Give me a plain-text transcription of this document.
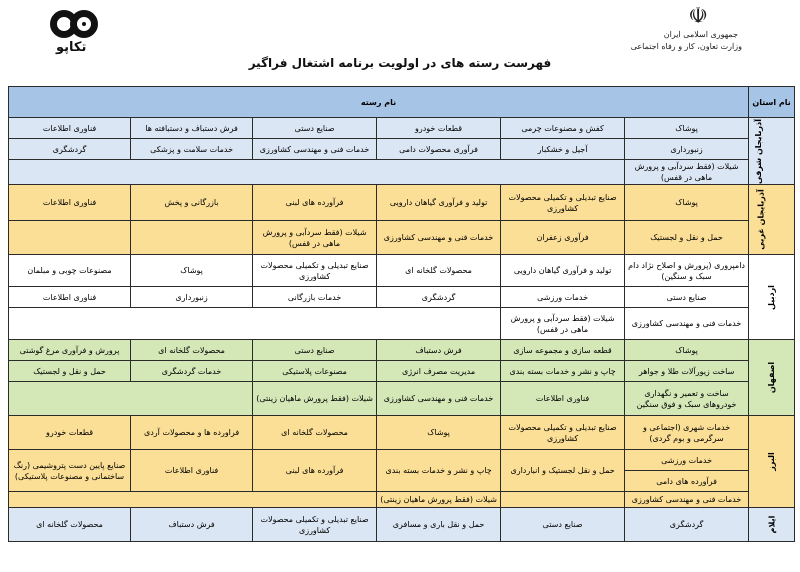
تکاپو
☫
جمهوری اسلامی ایران
وزارت تعاون، کار و رفاه اجتماعی
فهرست رسته های در اولویت برنامه اشتغال فراگیر
نام استان	نام رسته					
آذربایجان شرقی	پوشاک	کفش و مصنوعات چرمی	قطعات خودرو	صنایع دستی	فرش دستباف و دستبافته ها	فناوری اطلاعات
	زنبورداری	آجیل و خشکبار	فرآوری محصولات دامی	خدمات فنی و مهندسی کشاورزی	خدمات سلامت و پزشکی	گردشگری
	شیلات (فقط سردآبی و پرورش ماهی در قفس)					
آذربایجان غربی	پوشاک	صنایع تبدیلی و تکمیلی محصولات کشاورزی	تولید و فرآوری گیاهان دارویی	فرآورده های لبنی	بازرگانی و پخش	فناوری اطلاعات
	حمل و نقل و لجستیک	فرآوری زعفران	خدمات فنی و مهندسی کشاورزی	شیلات (فقط سردآبی و پرورش ماهی در قفس)		
اردبیل	دامپروری (پرورش و اصلاح نژاد دام سبک و سنگین)	تولید و فرآوری گیاهان دارویی	محصولات گلخانه ای	صنایع تبدیلی و تکمیلی محصولات کشاورزی	پوشاک	مصنوعات چوبی و مبلمان
	صنایع دستی	خدمات ورزشی	گردشگری	خدمات بازرگانی	زنبورداری	فناوری اطلاعات
	خدمات فنی و مهندسی کشاورزی	شیلات (فقط سردآبی و پرورش ماهی در قفس)				
اصفهان	پوشاک	قطعه سازی و مجموعه سازی	فرش دستباف	صنایع دستی	محصولات گلخانه ای	پرورش و فرآوری مرغ گوشتی
	ساخت زیورآلات طلا و جواهر	چاپ و نشر و خدمات بسته بندی	مدیریت مصرف انرژی	مصنوعات پلاستیکی	خدمات گردشگری	حمل و نقل و لجستیک
	ساخت و تعمیر و نگهداری خودروهای سبک و فوق سنگین	فناوری اطلاعات	خدمات فنی و مهندسی کشاورزی	شیلات (فقط پرورش ماهیان زینتی)		
البرز	خدمات شهری (اجتماعی و سرگرمی و بوم گردی)	صنایع تبدیلی و تکمیلی محصولات کشاورزی	پوشاک	محصولات گلخانه ای	فراورده ها و محصولات آردی	قطعات خودرو
	خدمات ورزشی	حمل و نقل لجستیک و انبارداری	چاپ و نشر و خدمات بسته بندی	فرآورده های لبنی	فناوری اطلاعات	صنایع پایین دست پتروشیمی (رنگ ساختمانی و مصنوعات پلاستیکی)
	فرآورده های دامی					
	خدمات فنی و مهندسی کشاورزی		شیلات (فقط پرورش ماهیان زینتی)			
ایلام	گردشگری	صنایع دستی	حمل و نقل باری و مسافری	صنایع تبدیلی و تکمیلی محصولات کشاورزی	فرش دستباف	محصولات گلخانه ای
